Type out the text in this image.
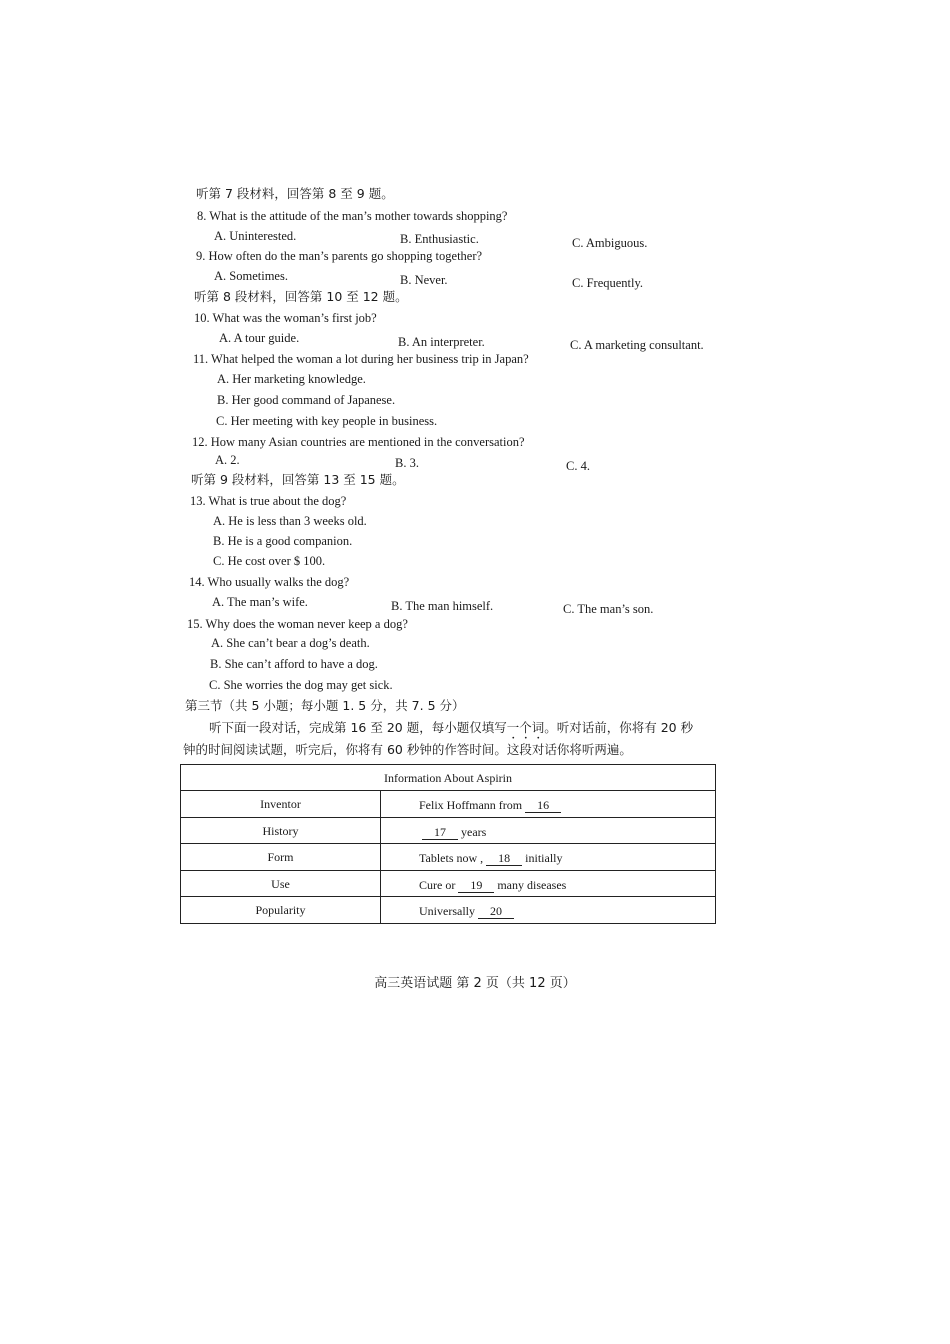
听第 7 段材料，回答第 8 至 9 题。
8. What is the attitude of the man’s mother towards shopping?
A. Uninterested.	B. Enthusiastic.	C. Ambiguous.
9. How often do the man’s parents go shopping together?
A. Sometimes.	B. Never.	C. Frequently.
听第 8 段材料，回答第 10 至 12 题。
10. What was the woman’s first job?
A. A tour guide.	B. An interpreter.	C. A marketing consultant.
11. What helped the woman a lot during her business trip in Japan?
A. Her marketing knowledge.
B. Her good command of Japanese.
C. Her meeting with key people in business.
12. How many Asian countries are mentioned in the conversation?
A. 2.	B. 3.	C. 4.
听第 9 段材料，回答第 13 至 15 题。
13. What is true about the dog?
A. He is less than 3 weeks old.
B. He is a good companion.
C. He cost over $ 100.
14. Who usually walks the dog?
A. The man’s wife.	B. The man himself.	C. The man’s son.
15. Why does the woman never keep a dog?
A. She can’t bear a dog’s death.
B. She can’t afford to have a dog.
C. She worries the dog may get sick.
第三节（共 5 小题；每小题 1. 5 分，共 7. 5 分）
听下面一段对话，完成第 16 至 20 题，每小题仅填写一个词。听对话前，你将有 20 秒
钟的时间阅读试题，听完后，你将有 60 秒钟的作答时间。这段对话你将听两遍。
Information About Aspirin
Inventor	Felix Hoffmann from 16
History	17 years
Form	Tablets now , 18 initially
Use	Cure or 19 many diseases
Popularity	Universally 20
高三英语试题 第 2 页（共 12 页）
